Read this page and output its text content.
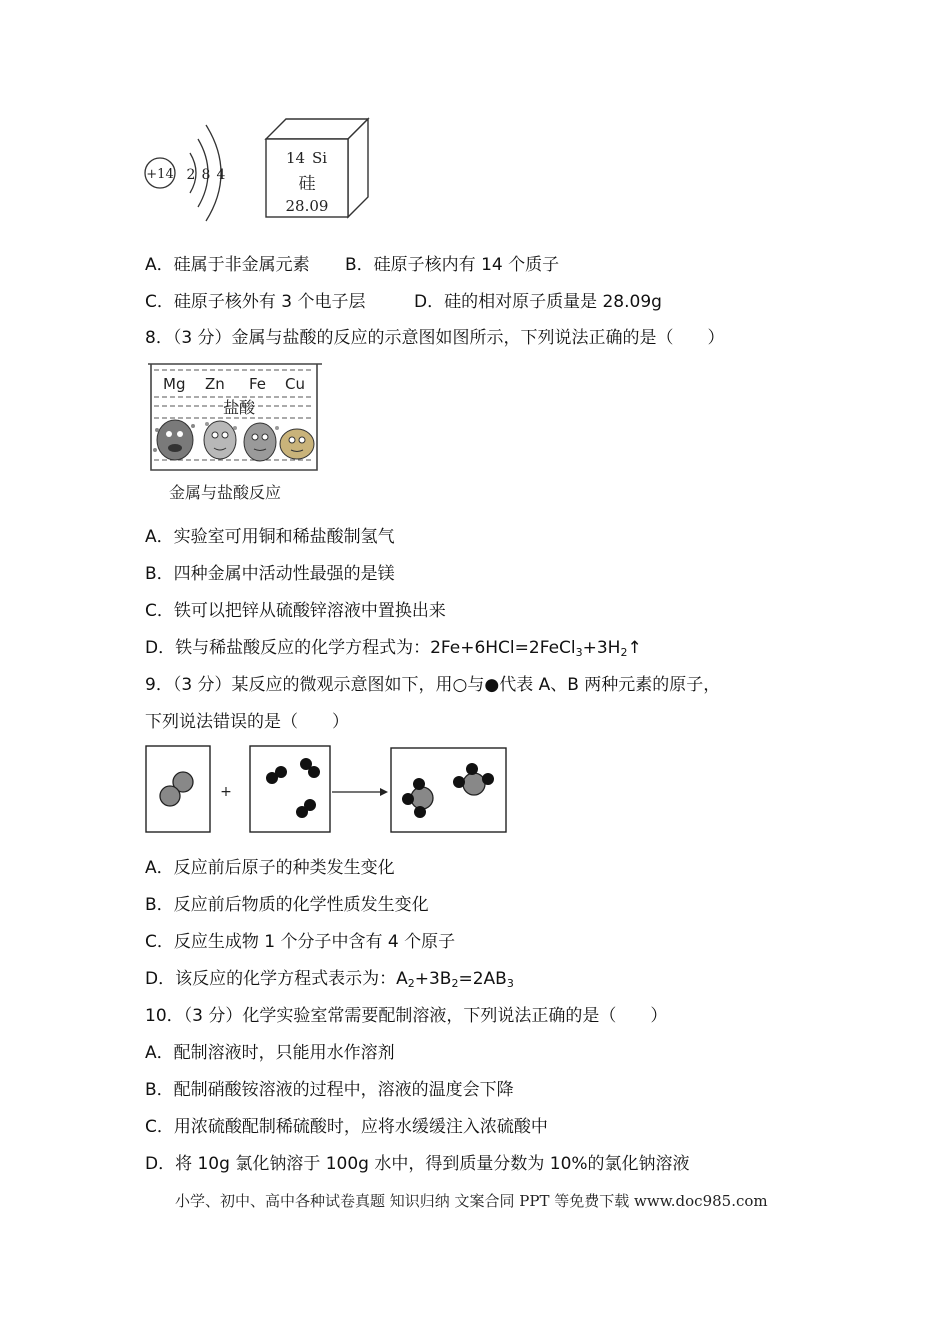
+14 2 8 4
14 Si
硅
28.09
A．硅属于非金属元素 B．硅原子核内有 14 个质子
C．硅原子核外有 3 个电子层	D．硅的相对原子质量是 28.09g
8．（3 分）金属与盐酸的反应的示意图如图所示，下列说法正确的是（　　）
Mg Zn Fe Cu
盐酸
金属与盐酸反应
A．实验室可用铜和稀盐酸制氢气
B．四种金属中活动性最强的是镁
C．铁可以把锌从硫酸锌溶液中置换出来
D．铁与稀盐酸反应的化学方程式为：$2Fe+6HCl=2FeCl_3+3H_2↑$
9．（3 分）某反应的微观示意图如下，用○与●代表 A、B 两种元素的原子，
下列说法错误的是（　　）
+
A．反应前后原子的种类发生变化
B．反应前后物质的化学性质发生变化
C．反应生成物 1 个分子中含有 4 个原子
D．该反应的化学方程式表示为：$A_2+3B_2=2AB_3$
10．（3 分）化学实验室常需要配制溶液，下列说法正确的是（　　）
A．配制溶液时，只能用水作溶剂
B．配制硝酸铵溶液的过程中，溶液的温度会下降
C．用浓硫酸配制稀硫酸时，应将水缓缓注入浓硫酸中
D．将 10g 氯化钠溶于 100g 水中，得到质量分数为 10%的氯化钠溶液
小学、初中、高中各种试卷真题 知识归纳 文案合同 PPT 等免费下载 www.doc985.com
